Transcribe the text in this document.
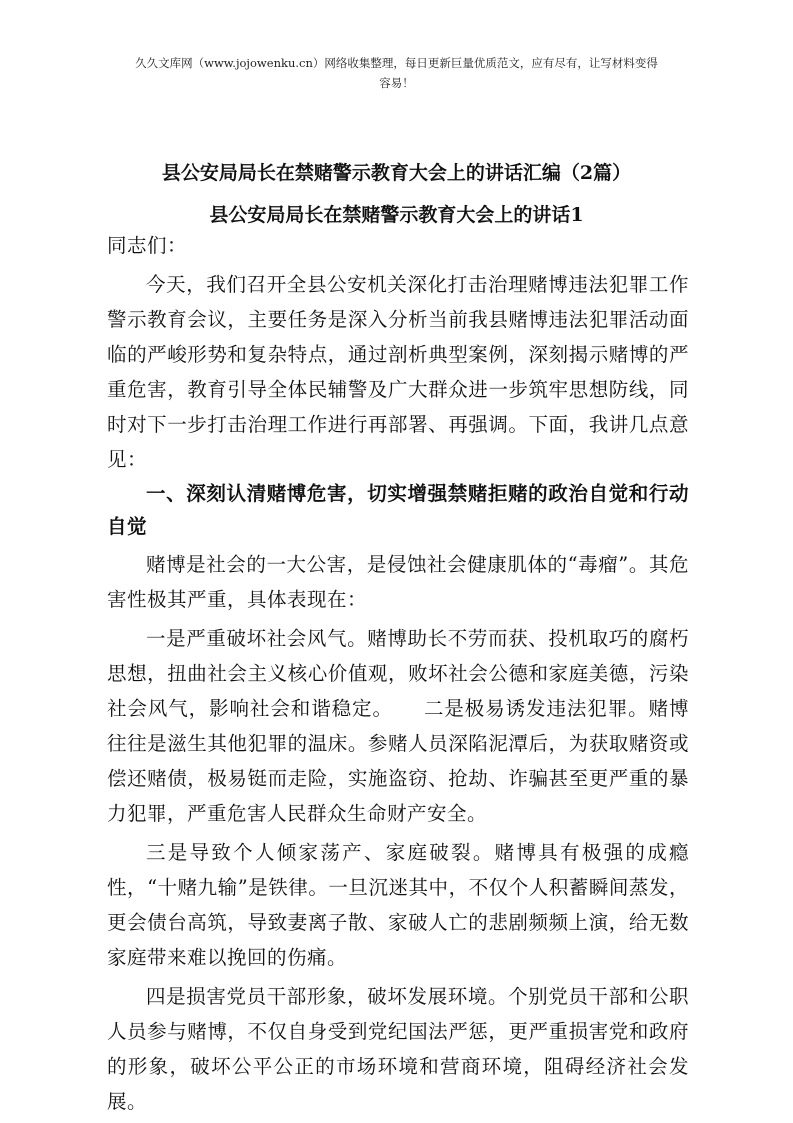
久久文库网（www.jojowenku.cn）网络收集整理，每日更新巨量优质范文，应有尽有，让写材料变得
容易！
县公安局局长在禁赌警示教育大会上的讲话汇编（2篇）
县公安局局长在禁赌警示教育大会上的讲话1

同志们：

今天，我们召开全县公安机关深化打击治理赌博违法犯罪工作警示教育会议，主要任务是深入分析当前我县赌博违法犯罪活动面临的严峻形势和复杂特点，通过剖析典型案例，深刻揭示赌博的严重危害，教育引导全体民辅警及广大群众进一步筑牢思想防线，同时对下一步打击治理工作进行再部署、再强调。下面，我讲几点意见：

一、深刻认清赌博危害，切实增强禁赌拒赌的政治自觉和行动自觉

赌博是社会的一大公害，是侵蚀社会健康肌体的“毒瘤”。其危害性极其严重，具体表现在：

一是严重破坏社会风气。赌博助长不劳而获、投机取巧的腐朽思想，扭曲社会主义核心价值观，败坏社会公德和家庭美德，污染社会风气，影响社会和谐稳定。　　二是极易诱发违法犯罪。赌博往往是滋生其他犯罪的温床。参赌人员深陷泥潭后，为获取赌资或偿还赌债，极易铤而走险，实施盗窃、抢劫、诈骗甚至更严重的暴力犯罪，严重危害人民群众生命财产安全。

三是导致个人倾家荡产、家庭破裂。赌博具有极强的成瘾性，“十赌九输”是铁律。一旦沉迷其中，不仅个人积蓄瞬间蒸发，更会债台高筑，导致妻离子散、家破人亡的悲剧频频上演，给无数家庭带来难以挽回的伤痛。

四是损害党员干部形象，破坏发展环境。个别党员干部和公职人员参与赌博，不仅自身受到党纪国法严惩，更严重损害党和政府的形象，破坏公平公正的市场环境和营商环境，阻碍经济社会发展。
